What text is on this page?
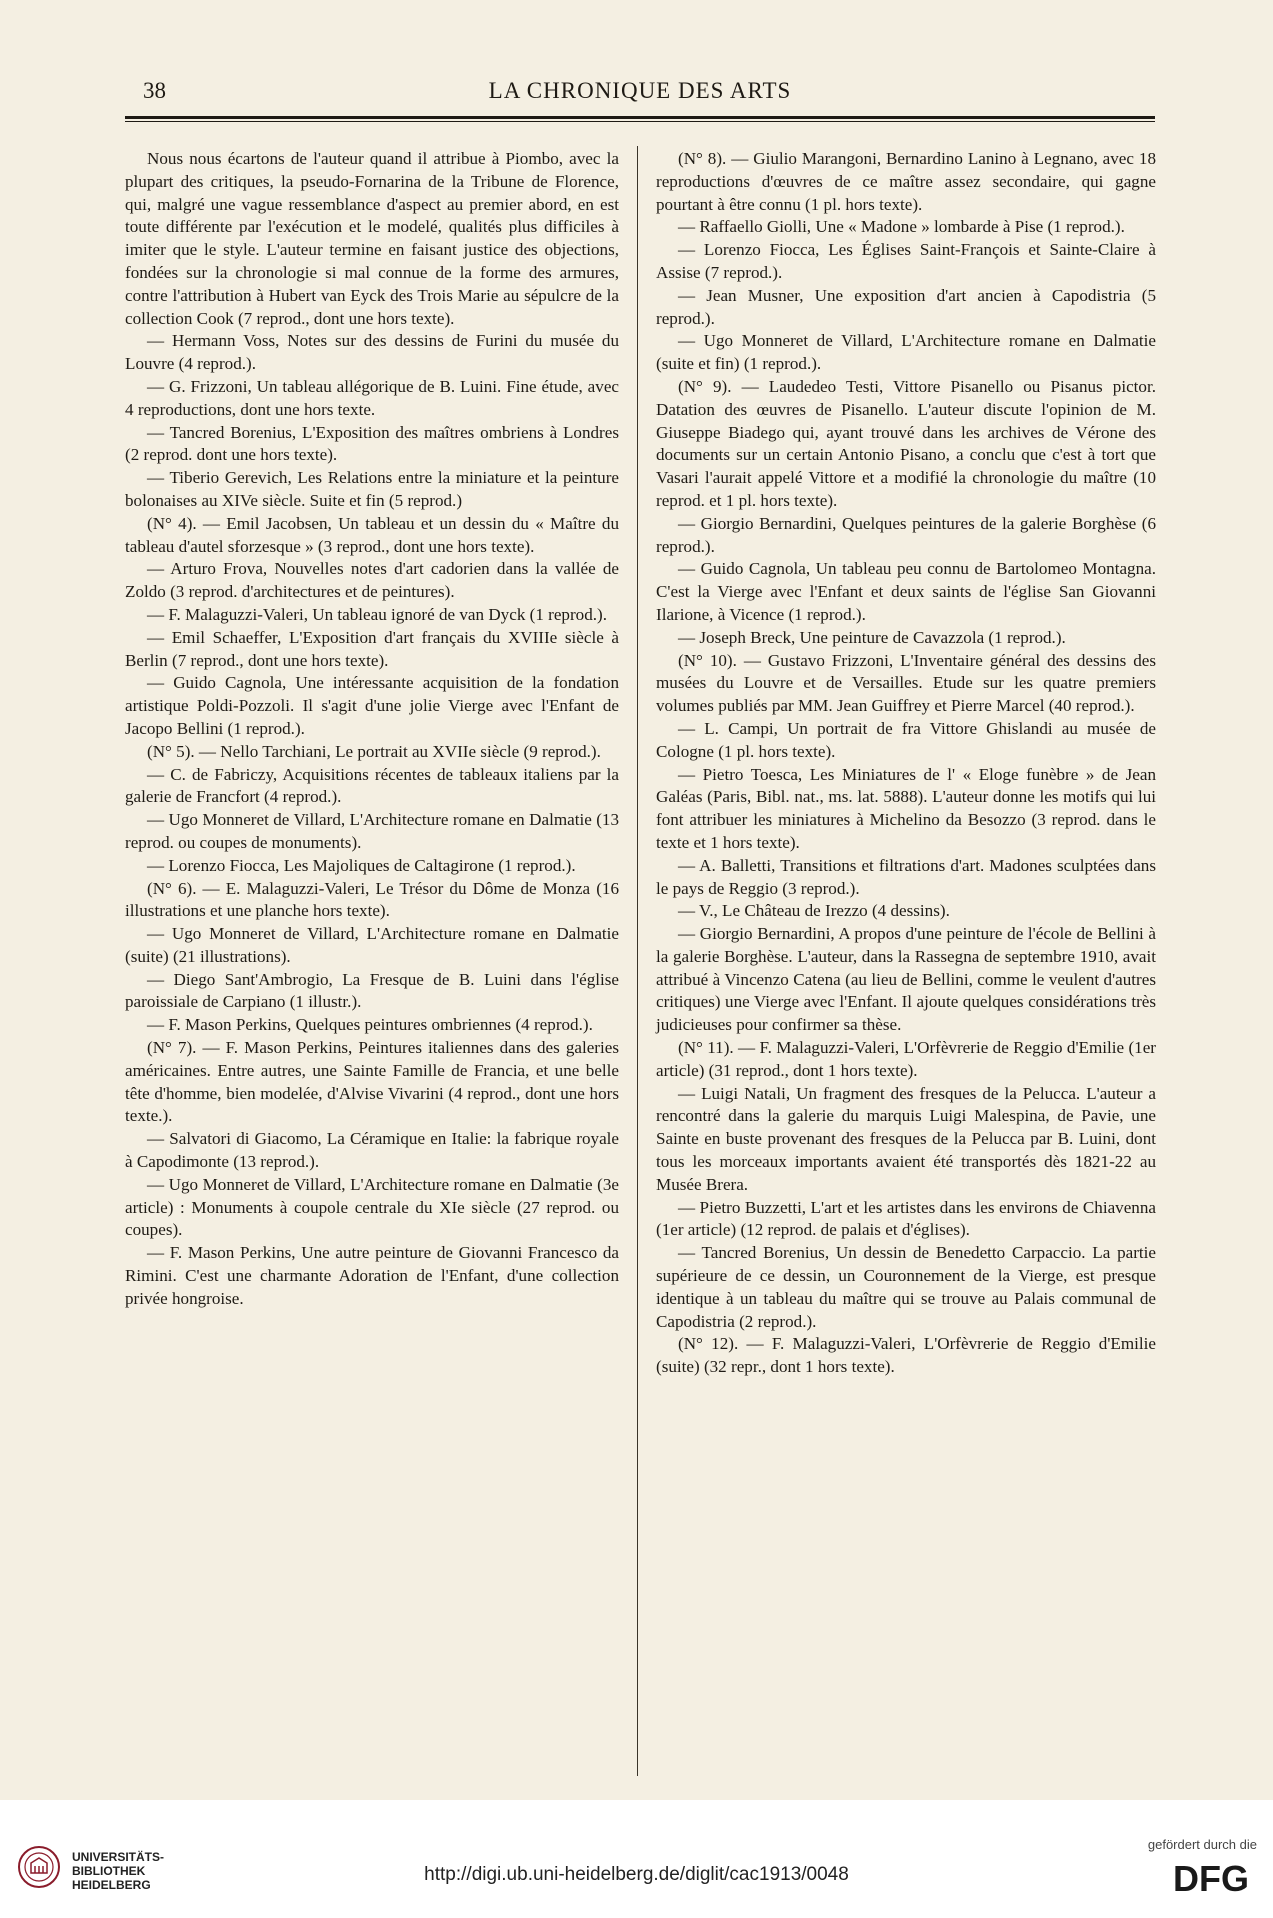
38	LA CHRONIQUE DES ARTS

Nous nous écartons de l'auteur quand il attribue à Piombo, avec la plupart des critiques, la pseudo-Fornarina de la Tribune de Florence, qui, malgré une vague ressemblance d'aspect au premier abord, en est toute différente par l'exécution et le modelé, qualités plus difficiles à imiter que le style. L'auteur termine en faisant justice des objections, fondées sur la chronologie si mal connue de la forme des armures, contre l'attribution à Hubert van Eyck des Trois Marie au sépulcre de la collection Cook (7 reprod., dont une hors texte).

— Hermann Voss, Notes sur des dessins de Furini du musée du Louvre (4 reprod.).

— G. Frizzoni, Un tableau allégorique de B. Luini. Fine étude, avec 4 reproductions, dont une hors texte.

— Tancred Borenius, L'Exposition des maîtres ombriens à Londres (2 reprod. dont une hors texte).

— Tiberio Gerevich, Les Relations entre la miniature et la peinture bolonaises au XIVe siècle. Suite et fin (5 reprod.)

(N° 4). — Emil Jacobsen, Un tableau et un dessin du « Maître du tableau d'autel sforzesque » (3 reprod., dont une hors texte).

— Arturo Frova, Nouvelles notes d'art cadorien dans la vallée de Zoldo (3 reprod. d'architectures et de peintures).

— F. Malaguzzi-Valeri, Un tableau ignoré de van Dyck (1 reprod.).

— Emil Schaeffer, L'Exposition d'art français du XVIIIe siècle à Berlin (7 reprod., dont une hors texte).

— Guido Cagnola, Une intéressante acquisition de la fondation artistique Poldi-Pozzoli. Il s'agit d'une jolie Vierge avec l'Enfant de Jacopo Bellini (1 reprod.).

(N° 5). — Nello Tarchiani, Le portrait au XVIIe siècle (9 reprod.).

— C. de Fabriczy, Acquisitions récentes de tableaux italiens par la galerie de Francfort (4 reprod.).

— Ugo Monneret de Villard, L'Architecture romane en Dalmatie (13 reprod. ou coupes de monuments).

— Lorenzo Fiocca, Les Majoliques de Caltagirone (1 reprod.).

(N° 6). — E. Malaguzzi-Valeri, Le Trésor du Dôme de Monza (16 illustrations et une planche hors texte).

— Ugo Monneret de Villard, L'Architecture romane en Dalmatie (suite) (21 illustrations).

— Diego Sant'Ambrogio, La Fresque de B. Luini dans l'église paroissiale de Carpiano (1 illustr.).

— F. Mason Perkins, Quelques peintures ombriennes (4 reprod.).

(N° 7). — F. Mason Perkins, Peintures italiennes dans des galeries américaines. Entre autres, une Sainte Famille de Francia, et une belle tête d'homme, bien modelée, d'Alvise Vivarini (4 reprod., dont une hors texte.).

— Salvatori di Giacomo, La Céramique en Italie: la fabrique royale à Capodimonte (13 reprod.).

— Ugo Monneret de Villard, L'Architecture romane en Dalmatie (3e article) : Monuments à coupole centrale du XIe siècle (27 reprod. ou coupes).

— F. Mason Perkins, Une autre peinture de Giovanni Francesco da Rimini. C'est une charmante Adoration de l'Enfant, d'une collection privée hongroise.

(N° 8). — Giulio Marangoni, Bernardino Lanino à Legnano, avec 18 reproductions d'œuvres de ce maître assez secondaire, qui gagne pourtant à être connu (1 pl. hors texte).

— Raffaello Giolli, Une « Madone » lombarde à Pise (1 reprod.).

— Lorenzo Fiocca, Les Églises Saint-François et Sainte-Claire à Assise (7 reprod.).

— Jean Musner, Une exposition d'art ancien à Capodistria (5 reprod.).

— Ugo Monneret de Villard, L'Architecture romane en Dalmatie (suite et fin) (1 reprod.).

(N° 9). — Laudedeo Testi, Vittore Pisanello ou Pisanus pictor. Datation des œuvres de Pisanello. L'auteur discute l'opinion de M. Giuseppe Biadego qui, ayant trouvé dans les archives de Vérone des documents sur un certain Antonio Pisano, a conclu que c'est à tort que Vasari l'aurait appelé Vittore et a modifié la chronologie du maître (10 reprod. et 1 pl. hors texte).

— Giorgio Bernardini, Quelques peintures de la galerie Borghèse (6 reprod.).

— Guido Cagnola, Un tableau peu connu de Bartolomeo Montagna. C'est la Vierge avec l'Enfant et deux saints de l'église San Giovanni Ilarione, à Vicence (1 reprod.).

— Joseph Breck, Une peinture de Cavazzola (1 reprod.).

(N° 10). — Gustavo Frizzoni, L'Inventaire général des dessins des musées du Louvre et de Versailles. Etude sur les quatre premiers volumes publiés par MM. Jean Guiffrey et Pierre Marcel (40 reprod.).

— L. Campi, Un portrait de fra Vittore Ghislandi au musée de Cologne (1 pl. hors texte).

— Pietro Toesca, Les Miniatures de l' « Eloge funèbre » de Jean Galéas (Paris, Bibl. nat., ms. lat. 5888). L'auteur donne les motifs qui lui font attribuer les miniatures à Michelino da Besozzo (3 reprod. dans le texte et 1 hors texte).

— A. Balletti, Transitions et filtrations d'art. Madones sculptées dans le pays de Reggio (3 reprod.).

— V., Le Château de Irezzo (4 dessins).

— Giorgio Bernardini, A propos d'une peinture de l'école de Bellini à la galerie Borghèse. L'auteur, dans la Rassegna de septembre 1910, avait attribué à Vincenzo Catena (au lieu de Bellini, comme le veulent d'autres critiques) une Vierge avec l'Enfant. Il ajoute quelques considérations très judicieuses pour confirmer sa thèse.

(N° 11). — F. Malaguzzi-Valeri, L'Orfèvrerie de Reggio d'Emilie (1er article) (31 reprod., dont 1 hors texte).

— Luigi Natali, Un fragment des fresques de la Pelucca. L'auteur a rencontré dans la galerie du marquis Luigi Malespina, de Pavie, une Sainte en buste provenant des fresques de la Pelucca par B. Luini, dont tous les morceaux importants avaient été transportés dès 1821-22 au Musée Brera.

— Pietro Buzzetti, L'art et les artistes dans les environs de Chiavenna (1er article) (12 reprod. de palais et d'églises).

— Tancred Borenius, Un dessin de Benedetto Carpaccio. La partie supérieure de ce dessin, un Couronnement de la Vierge, est presque identique à un tableau du maître qui se trouve au Palais communal de Capodistria (2 reprod.).

(N° 12). — F. Malaguzzi-Valeri, L'Orfèvrerie de Reggio d'Emilie (suite) (32 repr., dont 1 hors texte).

UNIVERSITÄTS-
BIBLIOTHEK
HEIDELBERG	http://digi.ub.uni-heidelberg.de/diglit/cac1913/0048
gefördert durch die
DFG
